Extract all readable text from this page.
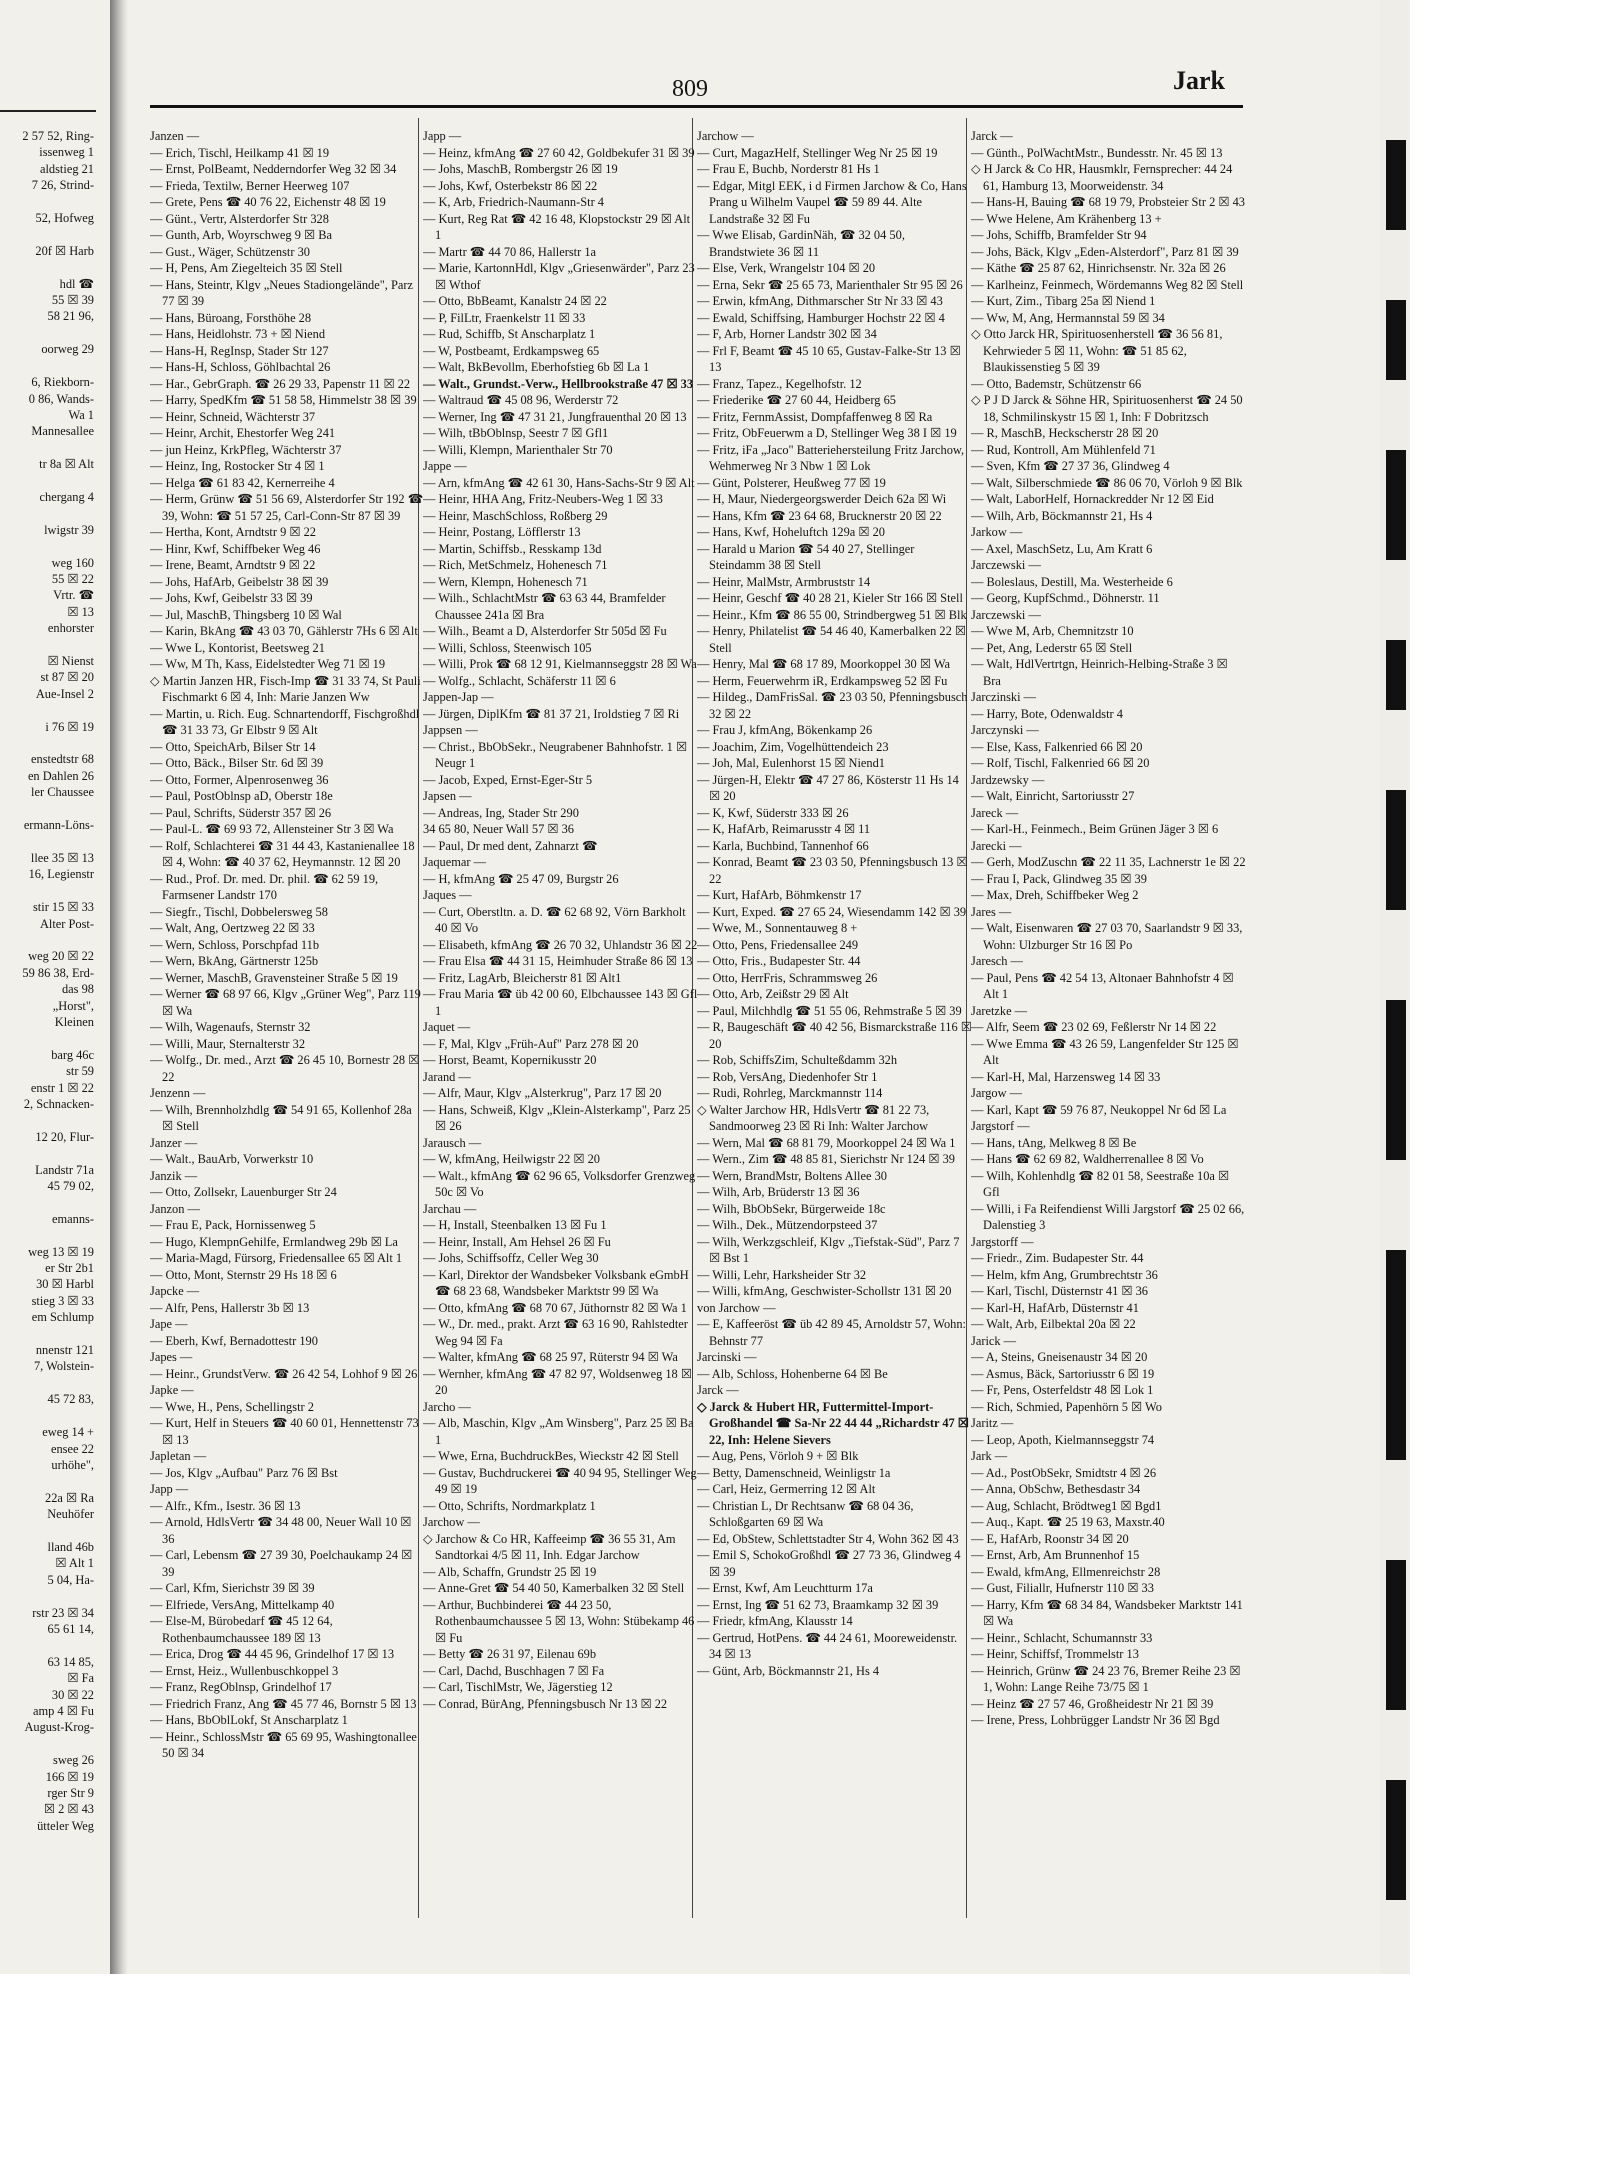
2 57 52, Ring-
issenweg 1
aldstieg 21
7 26, Strind-

52, Hofweg

20f ☒ Harb

hdl ☎
55 ☒ 39
58 21 96,

oorweg 29

6, Riekborn-
0 86, Wands-
Wa 1
Mannesallee

tr 8a ☒ Alt

chergang 4

lwigstr 39

weg 160
55 ☒ 22
Vrtr. ☎
☒ 13
enhorster

☒ Nienst
st 87 ☒ 20
Aue-Insel 2

i 76 ☒ 19

enstedtstr 68
en Dahlen 26
ler Chaussee

ermann-Löns-

llee 35 ☒ 13
16, Legienstr

stir 15 ☒ 33
Alter Post-

weg 20 ☒ 22
59 86 38, Erd-
das 98
„Horst",
Kleinen

barg 46c
str 59
enstr 1 ☒ 22
2, Schnacken-

12 20, Flur-

Landstr 71a
45 79 02,

emanns-

weg 13 ☒ 19
er Str 2b1
30 ☒ Harbl
stieg 3 ☒ 33
em Schlump

nnenstr 121
7, Wolstein-

45 72 83,

eweg 14 +
ensee 22
urhöhe",

22a ☒ Ra
Neuhöfer

lland 46b
☒ Alt 1
5 04, Ha-

rstr 23 ☒ 34
65 61 14,

63 14 85,
☒ Fa
30 ☒ 22
amp 4 ☒ Fu
August-Krog-

sweg 26
166 ☒ 19
rger Str 9
☒ 2 ☒ 43
ütteler Weg
809	Jark
Janzen —
— Erich, Tischl, Heilkamp 41 ☒ 19
— Ernst, PolBeamt, Nedderndorfer Weg 32 ☒ 34
— Frieda, Textilw, Berner Heerweg 107
— Grete, Pens ☎ 40 76 22, Eichenstr 48 ☒ 19
— Günt., Vertr, Alsterdorfer Str 328
— Gunth, Arb, Woyrschweg 9 ☒ Ba
— Gust., Wäger, Schützenstr 30
— H, Pens, Am Ziegelteich 35 ☒ Stell
— Hans, Steintr, Klgv „Neues Stadiongelände", Parz 77 ☒ 39
— Hans, Büroang, Forsthöhe 28
— Hans, Heidlohstr. 73 + ☒ Niend
— Hans-H, RegInsp, Stader Str 127
— Hans-H, Schloss, Göhlbachtal 26
— Har., GebrGraph. ☎ 26 29 33, Papenstr 11 ☒ 22
— Harry, SpedKfm ☎ 51 58 58, Himmelstr 38 ☒ 39
— Heinr, Schneid, Wächterstr 37
— Heinr, Archit, Ehestorfer Weg 241
— jun Heinz, KrkPfleg, Wächterstr 37
— Heinz, Ing, Rostocker Str 4 ☒ 1
— Helga ☎ 61 83 42, Kernerreihe 4
— Herm, Grünw ☎ 51 56 69, Alsterdorfer Str 192 ☎ 39, Wohn: ☎ 51 57 25, Carl-Conn-Str 87 ☒ 39
— Hertha, Kont, Arndtstr 9 ☒ 22
— Hinr, Kwf, Schiffbeker Weg 46
— Irene, Beamt, Arndtstr 9 ☒ 22
— Johs, HafArb, Geibelstr 38 ☒ 39
— Johs, Kwf, Geibelstr 33 ☒ 39
— Jul, MaschB, Thingsberg 10 ☒ Wal
— Karin, BkAng ☎ 43 03 70, Gählerstr 7Hs 6 ☒ Alt
— Wwe L, Kontorist, Beetsweg 21
— Ww, M Th, Kass, Eidelstedter Weg 71 ☒ 19
◇ Martin Janzen HR, Fisch-Imp ☎ 31 33 74, St Pauli Fischmarkt 6 ☒ 4, Inh: Marie Janzen Ww
— Martin, u. Rich. Eug. Schnartendorff, Fischgroßhdl ☎ 31 33 73, Gr Elbstr 9 ☒ Alt
— Otto, SpeichArb, Bilser Str 14
— Otto, Bäck., Bilser Str. 6d ☒ 39
— Otto, Former, Alpenrosenweg 36
— Paul, PostOblnsp aD, Oberstr 18e
— Paul, Schrifts, Süderstr 357 ☒ 26
— Paul-L. ☎ 69 93 72, Allensteiner Str 3 ☒ Wa
— Rolf, Schlachterei ☎ 31 44 43, Kastanienallee 18 ☒ 4, Wohn: ☎ 40 37 62, Heymannstr. 12 ☒ 20
— Rud., Prof. Dr. med. Dr. phil. ☎ 62 59 19, Farmsener Landstr 170
— Siegfr., Tischl, Dobbelersweg 58
— Walt, Ang, Oertzweg 22 ☒ 33
— Wern, Schloss, Porschpfad 11b
— Wern, BkAng, Gärtnerstr 125b
— Werner, MaschB, Gravensteiner Straße 5 ☒ 19
— Werner ☎ 68 97 66, Klgv „Grüner Weg", Parz 119 ☒ Wa
— Wilh, Wagenaufs, Sternstr 32
— Willi, Maur, Sternalterstr 32
— Wolfg., Dr. med., Arzt ☎ 26 45 10, Bornestr 28 ☒ 22
Jenzenn —
— Wilh, Brennholzhdlg ☎ 54 91 65, Kollenhof 28a ☒ Stell
Janzer —
— Walt., BauArb, Vorwerkstr 10
Janzik —
— Otto, Zollsekr, Lauenburger Str 24
Janzon —
— Frau E, Pack, Hornissenweg 5
— Hugo, KlempnGehilfe, Ermlandweg 29b ☒ La
— Maria-Magd, Fürsorg, Friedensallee 65 ☒ Alt 1
— Otto, Mont, Sternstr 29 Hs 18 ☒ 6
Japcke —
— Alfr, Pens, Hallerstr 3b ☒ 13
Jape —
— Eberh, Kwf, Bernadottestr 190
Japes —
— Heinr., GrundstVerw. ☎ 26 42 54, Lohhof 9 ☒ 26
Japke —
— Wwe, H., Pens, Schellingstr 2
— Kurt, Helf in Steuers ☎ 40 60 01, Hennettenstr 73 ☒ 13
Japletan —
— Jos, Klgv „Aufbau" Parz 76 ☒ Bst
Japp —
— Alfr., Kfm., Isestr. 36 ☒ 13
— Arnold, HdlsVertr ☎ 34 48 00, Neuer Wall 10 ☒ 36
— Carl, Lebensm ☎ 27 39 30, Poelchaukamp 24 ☒ 39
— Carl, Kfm, Sierichstr 39 ☒ 39
— Elfriede, VersAng, Mittelkamp 40
— Else-M, Bürobedarf ☎ 45 12 64, Rothenbaumchaussee 189 ☒ 13
— Erica, Drog ☎ 44 45 96, Grindelhof 17 ☒ 13
— Ernst, Heiz., Wullenbuschkoppel 3
— Franz, RegOblnsp, Grindelhof 17
— Friedrich Franz, Ang ☎ 45 77 46, Bornstr 5 ☒ 13
— Hans, BbOblLokf, St Anscharplatz 1
— Heinr., SchlossMstr ☎ 65 69 95, Washingtonallee 50 ☒ 34
Japp —
— Heinz, kfmAng ☎ 27 60 42, Goldbekufer 31 ☒ 39
— Johs, MaschB, Rombergstr 26 ☒ 19
— Johs, Kwf, Osterbekstr 86 ☒ 22
— K, Arb, Friedrich-Naumann-Str 4
— Kurt, Reg Rat ☎ 42 16 48, Klopstockstr 29 ☒ Alt 1
— Martr ☎ 44 70 86, Hallerstr 1a
— Marie, KartonnHdl, Klgv „Griesenwärder", Parz 23 ☒ Wthof
— Otto, BbBeamt, Kanalstr 24 ☒ 22
— P, FilLtr, Fraenkelstr 11 ☒ 33
— Rud, Schiffb, St Anscharplatz 1
— W, Postbeamt, Erdkampsweg 65
— Walt, BkBevollm, Eberhofstieg 6b ☒ La 1
— Walt., Grundst.-Verw., Hellbrookstraße 47 ☒ 33
— Waltraud ☎ 45 08 96, Werderstr 72
— Werner, Ing ☎ 47 31 21, Jungfrauenthal 20 ☒ 13
— Wilh, tBbOblnsp, Seestr 7 ☒ Gfl1
— Willi, Klempn, Marienthaler Str 70
Jappe —
— Arn, kfmAng ☎ 42 61 30, Hans-Sachs-Str 9 ☒ Alt
— Heinr, HHA Ang, Fritz-Neubers-Weg 1 ☒ 33
— Heinr, MaschSchloss, Roßberg 29
— Heinr, Postang, Löfflerstr 13
— Martin, Schiffsb., Resskamp 13d
— Rich, MetSchmelz, Hohenesch 71
— Wern, Klempn, Hohenesch 71
— Wilh., SchlachtMstr ☎ 63 63 44, Bramfelder Chaussee 241a ☒ Bra
— Wilh., Beamt a D, Alsterdorfer Str 505d ☒ Fu
— Willi, Schloss, Steenwisch 105
— Willi, Prok ☎ 68 12 91, Kielmannseggstr 28 ☒ Wa
— Wolfg., Schlacht, Schäferstr 11 ☒ 6
Jappen-Jap —
— Jürgen, DiplKfm ☎ 81 37 21, Iroldstieg 7 ☒ Ri
Jappsen —
— Christ., BbObSekr., Neugrabener Bahnhofstr. 1 ☒ Neugr 1
— Jacob, Exped, Ernst-Eger-Str 5
Japsen —
— Andreas, Ing, Stader Str 290
34 65 80, Neuer Wall 57 ☒ 36
— Paul, Dr med dent, Zahnarzt ☎
Jaquemar —
— H, kfmAng ☎ 25 47 09, Burgstr 26
Jaques —
— Curt, Oberstltn. a. D. ☎ 62 68 92, Vörn Barkholt 40 ☒ Vo
— Elisabeth, kfmAng ☎ 26 70 32, Uhlandstr 36 ☒ 22
— Frau Elsa ☎ 44 31 15, Heimhuder Straße 86 ☒ 13
— Fritz, LagArb, Bleicherstr 81 ☒ Alt1
— Frau Maria ☎ üb 42 00 60, Elbchaussee 143 ☒ Gfl 1
Jaquet —
— F, Mal, Klgv „Früh-Auf" Parz 278 ☒ 20
— Horst, Beamt, Kopernikusstr 20
Jarand —
— Alfr, Maur, Klgv „Alsterkrug", Parz 17 ☒ 20
— Hans, Schweiß, Klgv „Klein-Alsterkamp", Parz 25 ☒ 26
Jarausch —
— W, kfmAng, Heilwigstr 22 ☒ 20
— Walt., kfmAng ☎ 62 96 65, Volksdorfer Grenzweg 50c ☒ Vo
Jarchau —
— H, Install, Steenbalken 13 ☒ Fu 1
— Heinr, Install, Am Hehsel 26 ☒ Fu
— Johs, Schiffsoffz, Celler Weg 30
— Karl, Direktor der Wandsbeker Volksbank eGmbH ☎ 68 23 68, Wandsbeker Marktstr 99 ☒ Wa
— Otto, kfmAng ☎ 68 70 67, Jüthornstr 82 ☒ Wa 1
— W., Dr. med., prakt. Arzt ☎ 63 16 90, Rahlstedter Weg 94 ☒ Fa
— Walter, kfmAng ☎ 68 25 97, Rüterstr 94 ☒ Wa
— Wernher, kfmAng ☎ 47 82 97, Woldsenweg 18 ☒ 20
Jarcho —
— Alb, Maschin, Klgv „Am Winsberg", Parz 25 ☒ Ba 1
— Wwe, Erna, BuchdruckBes, Wieckstr 42 ☒ Stell
— Gustav, Buchdruckerei ☎ 40 94 95, Stellinger Weg 49 ☒ 19
— Otto, Schrifts, Nordmarkplatz 1
Jarchow —
◇ Jarchow & Co HR, Kaffeeimp ☎ 36 55 31, Am Sandtorkai 4/5 ☒ 11, Inh. Edgar Jarchow
— Alb, Schaffn, Grundstr 25 ☒ 19
— Anne-Gret ☎ 54 40 50, Kamerbalken 32 ☒ Stell
— Arthur, Buchbinderei ☎ 44 23 50, Rothenbaumchaussee 5 ☒ 13, Wohn: Stübekamp 46 ☒ Fu
— Betty ☎ 26 31 97, Eilenau 69b
— Carl, Dachd, Buschhagen 7 ☒ Fa
— Carl, TischlMstr, We, Jägerstieg 12
— Conrad, BürAng, Pfenningsbusch Nr 13 ☒ 22
Jarchow —
— Curt, MagazHelf, Stellinger Weg Nr 25 ☒ 19
— Frau E, Buchb, Norderstr 81 Hs 1
— Edgar, Mitgl EEK, i d Firmen Jarchow & Co, Hans Prang u Wilhelm Vaupel ☎ 59 89 44. Alte Landstraße 32 ☒ Fu
— Wwe Elisab, GardinNäh, ☎ 32 04 50, Brandstwiete 36 ☒ 11
— Else, Verk, Wrangelstr 104 ☒ 20
— Erna, Sekr ☎ 25 65 73, Marienthaler Str 95 ☒ 26
— Erwin, kfmAng, Dithmarscher Str Nr 33 ☒ 43
— Ewald, Schiffsing, Hamburger Hochstr 22 ☒ 4
— F, Arb, Horner Landstr 302 ☒ 34
— Frl F, Beamt ☎ 45 10 65, Gustav-Falke-Str 13 ☒ 13
— Franz, Tapez., Kegelhofstr. 12
— Friederike ☎ 27 60 44, Heidberg 65
— Fritz, FernmAssist, Dompfaffenweg 8 ☒ Ra
— Fritz, ObFeuerwm a D, Stellinger Weg 38 I ☒ 19
— Fritz, iFa „Jaco" Batteriehersteilung Fritz Jarchow, Wehmerweg Nr 3 Nbw 1 ☒ Lok
— Günt, Polsterer, Heußweg 77 ☒ 19
— H, Maur, Niedergeorgswerder Deich 62a ☒ Wi
— Hans, Kfm ☎ 23 64 68, Brucknerstr 20 ☒ 22
— Hans, Kwf, Hoheluftch 129a ☒ 20
— Harald u Marion ☎ 54 40 27, Stellinger Steindamm 38 ☒ Stell
— Heinr, MalMstr, Armbruststr 14
— Heinr, Geschf ☎ 40 28 21, Kieler Str 166 ☒ Stell
— Heinr., Kfm ☎ 86 55 00, Strindbergweg 51 ☒ Blk
— Henry, Philatelist ☎ 54 46 40, Kamerbalken 22 ☒ Stell
— Henry, Mal ☎ 68 17 89, Moorkoppel 30 ☒ Wa
— Herm, Feuerwehrm iR, Erdkampsweg 52 ☒ Fu
— Hildeg., DamFrisSal. ☎ 23 03 50, Pfenningsbusch 32 ☒ 22
— Frau J, kfmAng, Bökenkamp 26
— Joachim, Zim, Vogelhüttendeich 23
— Joh, Mal, Eulenhorst 15 ☒ Niend1
— Jürgen-H, Elektr ☎ 47 27 86, Kösterstr 11 Hs 14 ☒ 20
— K, Kwf, Süderstr 333 ☒ 26
— K, HafArb, Reimarusstr 4 ☒ 11
— Karla, Buchbind, Tannenhof 66
— Konrad, Beamt ☎ 23 03 50, Pfenningsbusch 13 ☒ 22
— Kurt, HafArb, Böhmkenstr 17
— Kurt, Exped. ☎ 27 65 24, Wiesendamm 142 ☒ 39
— Wwe, M., Sonnentauweg 8 +
— Otto, Pens, Friedensallee 249
— Otto, Fris., Budapester Str. 44
— Otto, HerrFris, Schrammsweg 26
— Otto, Arb, Zeißstr 29 ☒ Alt
— Paul, Milchhdlg ☎ 51 55 06, Rehmstraße 5 ☒ 39
— R, Baugeschäft ☎ 40 42 56, Bismarckstraße 116 ☒ 20
— Rob, SchiffsZim, Schulteßdamm 32h
— Rob, VersAng, Diedenhofer Str 1
— Rudi, Rohrleg, Marckmannstr 114
◇ Walter Jarchow HR, HdlsVertr ☎ 81 22 73, Sandmoorweg 23 ☒ Ri Inh: Walter Jarchow
— Wern, Mal ☎ 68 81 79, Moorkoppel 24 ☒ Wa 1
— Wern., Zim ☎ 48 85 81, Sierichstr Nr 124 ☒ 39
— Wern, BrandMstr, Boltens Allee 30
— Wilh, Arb, Brüderstr 13 ☒ 36
— Wilh, BbObSekr, Bürgerweide 18c
— Wilh., Dek., Mützendorpsteed 37
— Wilh, Werkzgschleif, Klgv „Tiefstak-Süd", Parz 7 ☒ Bst 1
— Willi, Lehr, Harksheider Str 32
— Willi, kfmAng, Geschwister-Schollstr 131 ☒ 20
von Jarchow —
— E, Kaffeeröst ☎ üb 42 89 45, Arnoldstr 57, Wohn: Behnstr 77
Jarcinski —
— Alb, Schloss, Hohenberne 64 ☒ Be
Jarck —
◇ Jarck & Hubert HR, Futtermittel-Import-Großhandel ☎ Sa-Nr 22 44 44 „Richardstr 47 ☒ 22, Inh: Helene Sievers
— Aug, Pens, Vörloh 9 + ☒ Blk
— Betty, Damenschneid, Weinligstr 1a
— Carl, Heiz, Germerring 12 ☒ Alt
— Christian L, Dr Rechtsanw ☎ 68 04 36, Schloßgarten 69 ☒ Wa
— Ed, ObStew, Schlettstadter Str 4, Wohn 362 ☒ 43
— Emil S, SchokoGroßhdl ☎ 27 73 36, Glindweg 4 ☒ 39
— Ernst, Kwf, Am Leuchtturm 17a
— Ernst, Ing ☎ 51 62 73, Braamkamp 32 ☒ 39
— Friedr, kfmAng, Klausstr 14
— Gertrud, HotPens. ☎ 44 24 61, Mooreweidenstr. 34 ☒ 13
— Günt, Arb, Böckmannstr 21, Hs 4
Jarck —
— Günth., PolWachtMstr., Bundesstr. Nr. 45 ☒ 13
◇ H Jarck & Co HR, Hausmklr, Fernsprecher: 44 24 61, Hamburg 13, Moorweidenstr. 34
— Hans-H, Bauing ☎ 68 19 79, Probsteier Str 2 ☒ 43
— Wwe Helene, Am Krähenberg 13 +
— Johs, Schiffb, Bramfelder Str 94
— Johs, Bäck, Klgv „Eden-Alsterdorf", Parz 81 ☒ 39
— Käthe ☎ 25 87 62, Hinrichsenstr. Nr. 32a ☒ 26
— Karlheinz, Feinmech, Wördemanns Weg 82 ☒ Stell
— Kurt, Zim., Tibarg 25a ☒ Niend 1
— Ww, M, Ang, Hermannstal 59 ☒ 34
◇ Otto Jarck HR, Spirituosenherstell ☎ 36 56 81, Kehrwieder 5 ☒ 11, Wohn: ☎ 51 85 62, Blaukissenstieg 5 ☒ 39
— Otto, Bademstr, Schützenstr 66
◇ P J D Jarck & Söhne HR, Spirituosenherst ☎ 24 50 18, Schmilinskystr 15 ☒ 1, Inh: F Dobritzsch
— R, MaschB, Heckscherstr 28 ☒ 20
— Rud, Kontroll, Am Mühlenfeld 71
— Sven, Kfm ☎ 27 37 36, Glindweg 4
— Walt, Silberschmiede ☎ 86 06 70, Vörloh 9 ☒ Blk
— Walt, LaborHelf, Hornackredder Nr 12 ☒ Eid
— Wilh, Arb, Böckmannstr 21, Hs 4
Jarkow —
— Axel, MaschSetz, Lu, Am Kratt 6
Jarczewski —
— Boleslaus, Destill, Ma. Westerheide 6
— Georg, KupfSchmd., Döhnerstr. 11
Jarczewski —
— Wwe M, Arb, Chemnitzstr 10
— Pet, Ang, Lederstr 65 ☒ Stell
— Walt, HdlVertrtgn, Heinrich-Helbing-Straße 3 ☒ Bra
Jarczinski —
— Harry, Bote, Odenwaldstr 4
Jarczynski —
— Else, Kass, Falkenried 66 ☒ 20
— Rolf, Tischl, Falkenried 66 ☒ 20
Jardzewsky —
— Walt, Einricht, Sartoriusstr 27
Jareck —
— Karl-H., Feinmech., Beim Grünen Jäger 3 ☒ 6
Jarecki —
— Gerh, ModZuschn ☎ 22 11 35, Lachnerstr 1e ☒ 22
— Frau I, Pack, Glindweg 35 ☒ 39
— Max, Dreh, Schiffbeker Weg 2
Jares —
— Walt, Eisenwaren ☎ 27 03 70, Saarlandstr 9 ☒ 33, Wohn: Ulzburger Str 16 ☒ Po
Jaresch —
— Paul, Pens ☎ 42 54 13, Altonaer Bahnhofstr 4 ☒ Alt 1
Jaretzke —
— Alfr, Seem ☎ 23 02 69, Feßlerstr Nr 14 ☒ 22
— Wwe Emma ☎ 43 26 59, Langenfelder Str 125 ☒ Alt
— Karl-H, Mal, Harzensweg 14 ☒ 33
Jargow —
— Karl, Kapt ☎ 59 76 87, Neukoppel Nr 6d ☒ La
Jargstorf —
— Hans, tAng, Melkweg 8 ☒ Be
— Hans ☎ 62 69 82, Waldherrenallee 8 ☒ Vo
— Wilh, Kohlenhdlg ☎ 82 01 58, Seestraße 10a ☒ Gfl
— Willi, i Fa Reifendienst Willi Jargstorf ☎ 25 02 66, Dalenstieg 3
Jargstorff —
— Friedr., Zim. Budapester Str. 44
— Helm, kfm Ang, Grumbrechtstr 36
— Karl, Tischl, Düsternstr 41 ☒ 36
— Karl-H, HafArb, Düsternstr 41
— Walt, Arb, Eilbektal 20a ☒ 22
Jarick —
— A, Steins, Gneisenaustr 34 ☒ 20
— Asmus, Bäck, Sartoriusstr 6 ☒ 19
— Fr, Pens, Osterfeldstr 48 ☒ Lok 1
— Rich, Schmied, Papenhörn 5 ☒ Wo
Jaritz —
— Leop, Apoth, Kielmannseggstr 74
Jark —
— Ad., PostObSekr, Smidtstr 4 ☒ 26
— Anna, ObSchw, Bethesdastr 34
— Aug, Schlacht, Brödtweg1 ☒ Bgd1
— Auq., Kapt. ☎ 25 19 63, Maxstr.40
— E, HafArb, Roonstr 34 ☒ 20
— Ernst, Arb, Am Brunnenhof 15
— Ewald, kfmAng, Ellmenreichstr 28
— Gust, Filiallr, Hufnerstr 110 ☒ 33
— Harry, Kfm ☎ 68 34 84, Wandsbeker Marktstr 141 ☒ Wa
— Heinr., Schlacht, Schumannstr 33
— Heinr, Schiffsf, Trommelstr 13
— Heinrich, Grünw ☎ 24 23 76, Bremer Reihe 23 ☒ 1, Wohn: Lange Reihe 73/75 ☒ 1
— Heinz ☎ 27 57 46, Großheidestr Nr 21 ☒ 39
— Irene, Press, Lohbrügger Landstr Nr 36 ☒ Bgd
